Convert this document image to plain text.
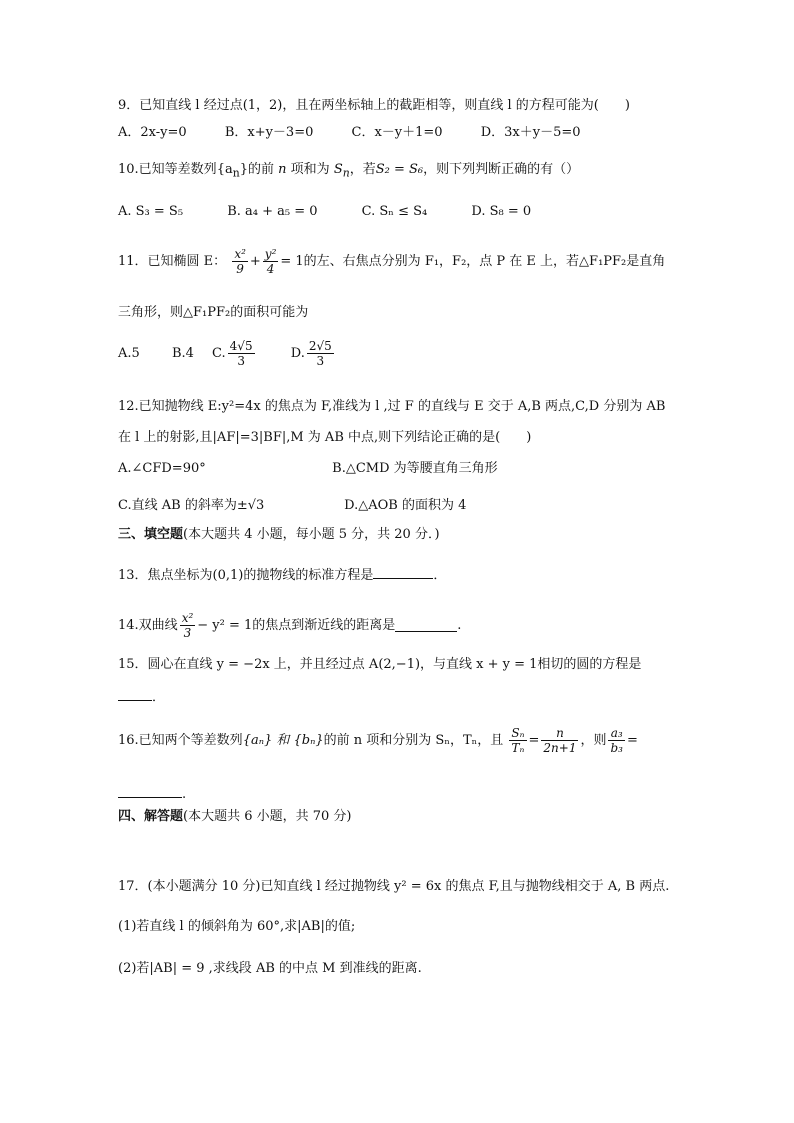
9．已知直线 l 经过点(1，2)，且在两坐标轴上的截距相等，则直线 l 的方程可能为(　　)
A．2x-y=0	B．x+y－3=0	C．x－y＋1=0	D．3x＋y－5=0
10.已知等差数列$\{a_n\}$的前 n 项和为 $S_n$，若S₂ = S₆，则下列判断正确的有（）
A. S₃ = S₅	B. a₄ + a₅ = 0	C. Sₙ ≤ S₄	D. S₈ = 0
11．已知椭圆 E： $\frac{\text{x²}}{9} + \frac{\text{y²}}{4} = 1$的左、右焦点分别为 F₁，F₂，点 P 在 E 上，若△F₁PF₂是直角
三角形，则△F₁PF₂的面积可能为
A.5 B.4 C. $\frac{4√5}{3}$	D. $\frac{2√5}{3}$
12.已知抛物线 E:y²=4x 的焦点为 F,准线为 l ,过 F 的直线与 E 交于 A,B 两点,C,D 分别为 AB
在 l 上的射影,且|AF|=3|BF|,M 为 AB 中点,则下列结论正确的是(　　)
A.∠CFD=90°	B.△CMD 为等腰直角三角形
C.直线 AB 的斜率为±√3	D.△AOB 的面积为 4
三、填空题(本大题共 4 小题，每小题 5 分，共 20 分．)
13．焦点坐标为(0,1)的抛物线的标准方程是	．
14.双曲线 $\frac{\text{x²}}{3} - y^2 = 1$的焦点到渐近线的距离是	.
15．圆心在直线 y = −2x 上，并且经过点 A(2,−1)，与直线 x + y = 1相切的圆的方程是
．
16.已知两个等差数列{aₙ} 和 {bₙ}的前 n 项和分别为 Sₙ，Tₙ，且 $\frac{\text{Sₙ}}{\text{Tₙ}} = \frac{n}{2n+1}$ ，则 $\frac{\text{a₃}}{\text{b₃}}$ =
.
四、解答题(本大题共 6 小题，共 70 分)
17．(本小题满分 10 分)已知直线 l 经过抛物线 y² = 6x 的焦点 F,且与抛物线相交于 A, B 两点.
(1)若直线 l 的倾斜角为 60°,求|AB|的值;
(2)若|AB| = 9 ,求线段 AB 的中点 M 到准线的距离.
